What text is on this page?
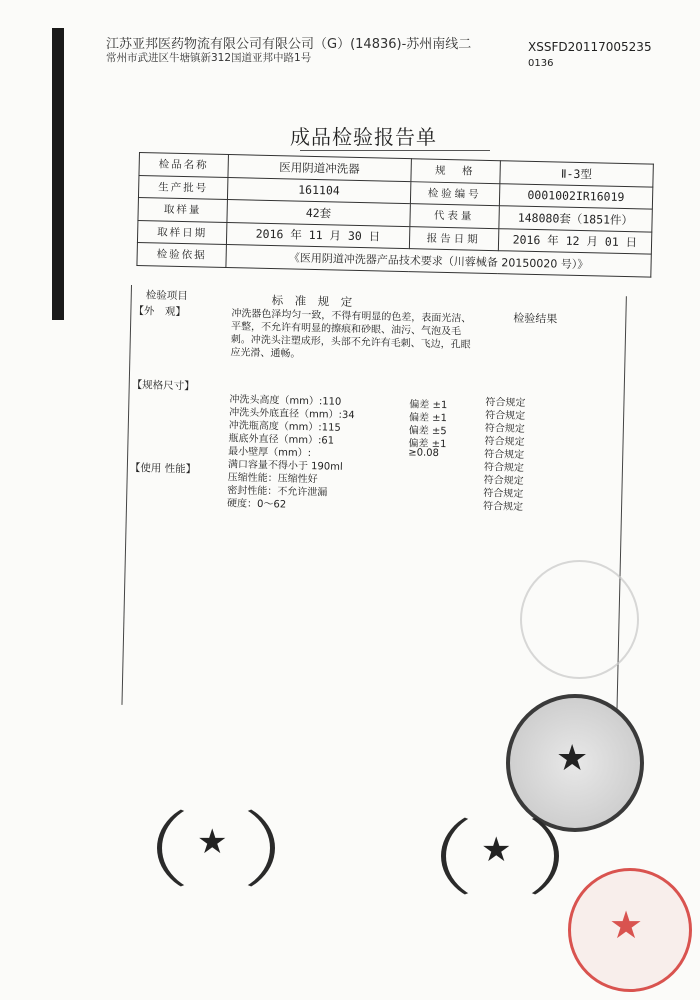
江苏亚邦医药物流有限公司有限公司（G）(14836)-苏州南线二
常州市武进区牛塘镇新312国道亚邦中路1号
XSSFD20117005235
0136
成品检验报告单
检品名称	医用阴道冲洗器	规　格	Ⅱ-3型
生产批号	161104	检验编号	0001002IR16019
取样量	42套	代表量	148080套（1851件）
取样日期	2016 年 11 月 30 日	报告日期	2016 年 12 月 01 日
检验依据	《医用阴道冲洗器产品技术要求（川蓉械备 20150020 号）》		
检验项目	标　准　规　定
检验结果
【外　观】	冲洗器色泽均匀一致，不得有明显的色差，表面光洁、平整，不允许有明显的擦痕和砂眼、油污、气泡及毛刺。冲洗头注塑成形，头部不允许有毛刺、飞边，孔眼应光滑、通畅。
【规格尺寸】
【使用 性能】
冲洗头高度（mm）:110	偏差 ±1	符合规定
冲洗头外底直径（mm）:34	偏差 ±1	符合规定
冲洗瓶高度（mm）:115	偏差 ±5	符合规定
瓶底外直径（mm）:61	偏差 ±1	符合规定
最小壁厚（mm）:	≥0.08	符合规定
满口容量不得小于 190ml	符合规定
压缩性能：压缩性好	符合规定
密封性能：不允许泄漏	符合规定
硬度：0～62	符合规定
★
★	★
★
